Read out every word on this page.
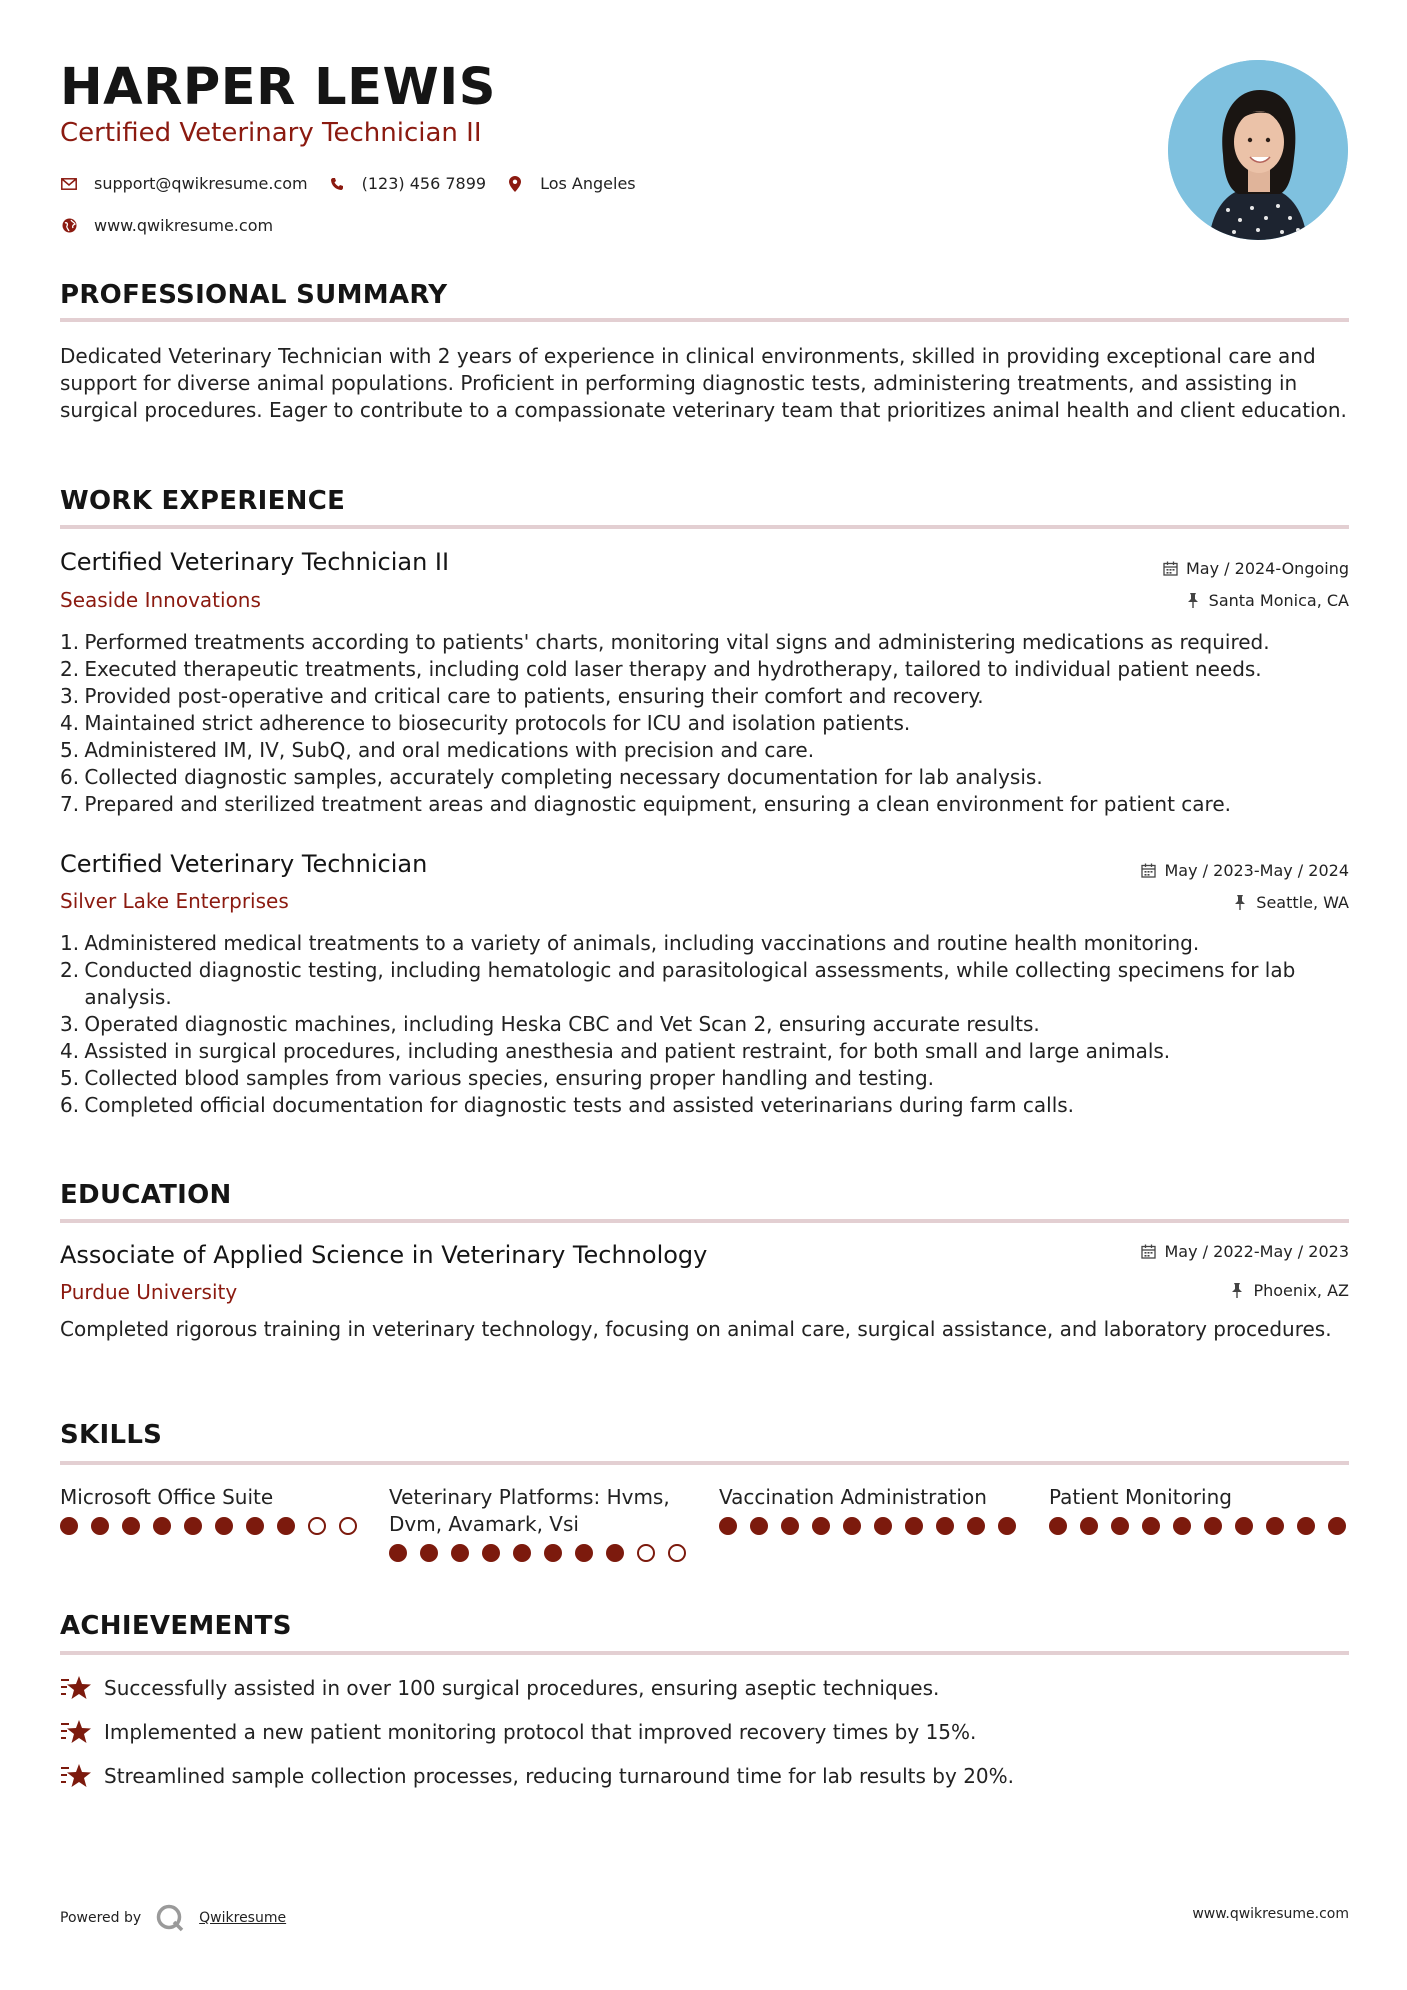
HARPER LEWIS
Certified Veterinary Technician II
support@qwikresume.com	(123) 456 7899	Los Angeles
www.qwikresume.com
PROFESSIONAL SUMMARY
Dedicated Veterinary Technician with 2 years of experience in clinical environments, skilled in providing exceptional care and support for diverse animal populations. Proficient in performing diagnostic tests, administering treatments, and assisting in surgical procedures. Eager to contribute to a compassionate veterinary team that prioritizes animal health and client education.
WORK EXPERIENCE
Certified Veterinary Technician II
Seaside Innovations
May / 2024-Ongoing
Santa Monica, CA
1.
Performed treatments according to patients' charts, monitoring vital signs and administering medications as required.
2.
Executed therapeutic treatments, including cold laser therapy and hydrotherapy, tailored to individual patient needs.
3.
Provided post-operative and critical care to patients, ensuring their comfort and recovery.
4.
Maintained strict adherence to biosecurity protocols for ICU and isolation patients.
5.
Administered IM, IV, SubQ, and oral medications with precision and care.
6.
Collected diagnostic samples, accurately completing necessary documentation for lab analysis.
7.
Prepared and sterilized treatment areas and diagnostic equipment, ensuring a clean environment for patient care.
Certified Veterinary Technician
Silver Lake Enterprises
May / 2023-May / 2024
Seattle, WA
1.
Administered medical treatments to a variety of animals, including vaccinations and routine health monitoring.
2.
Conducted diagnostic testing, including hematologic and parasitological assessments, while collecting specimens for lab analysis.
3.
Operated diagnostic machines, including Heska CBC and Vet Scan 2, ensuring accurate results.
4.
Assisted in surgical procedures, including anesthesia and patient restraint, for both small and large animals.
5.
Collected blood samples from various species, ensuring proper handling and testing.
6.
Completed official documentation for diagnostic tests and assisted veterinarians during farm calls.
EDUCATION
Associate of Applied Science in Veterinary Technology
Purdue University
May / 2022-May / 2023
Phoenix, AZ
Completed rigorous training in veterinary technology, focusing on animal care, surgical assistance, and laboratory procedures.
SKILLS
Microsoft Office Suite	Veterinary Platforms: Hvms, Dvm, Avamark, Vsi
Vaccination Administration	Patient Monitoring
ACHIEVEMENTS
Successfully assisted in over 100 surgical procedures, ensuring aseptic techniques.
Implemented a new patient monitoring protocol that improved recovery times by 15%.
Streamlined sample collection processes, reducing turnaround time for lab results by 20%.
Powered by	Qwikresume	www.qwikresume.com
